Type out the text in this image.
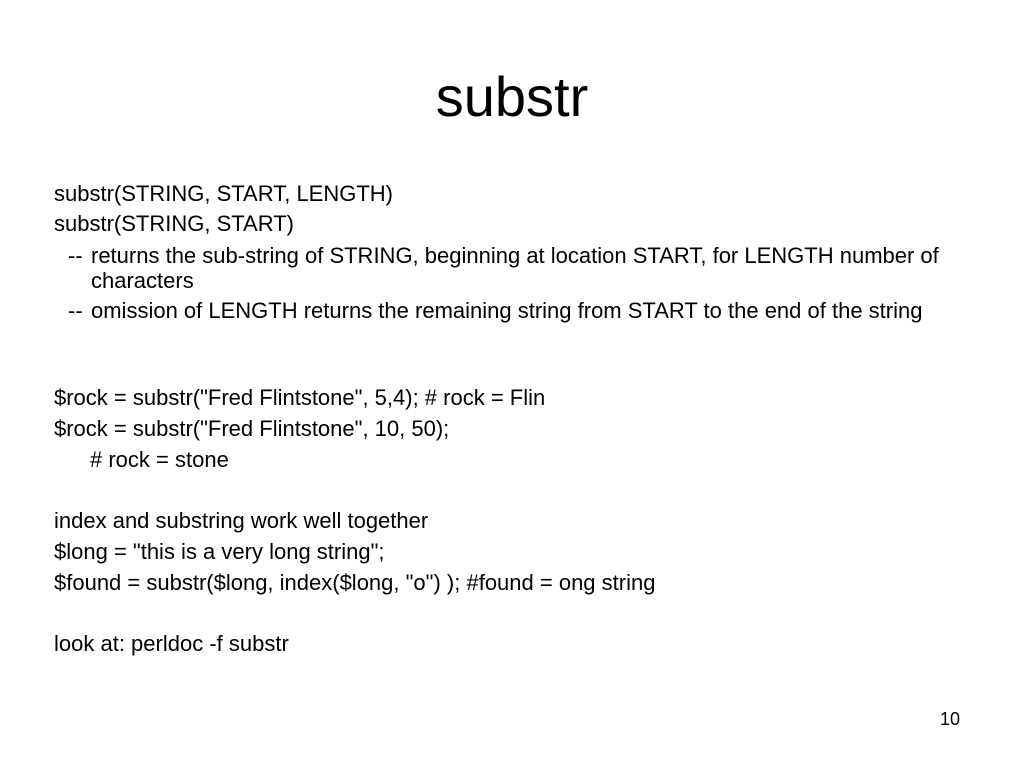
substr
substr(STRING, START, LENGTH)
substr(STRING, START)
-- returns the sub-string of STRING, beginning at location START, for LENGTH number of characters
-- omission of LENGTH returns the remaining string from START to the end of the string
$rock = substr("Fred Flintstone", 5,4); # rock = Flin
$rock = substr("Fred Flintstone", 10, 50);
# rock = stone
index and substring work well together
$long = "this is a very long string";
$found = substr($long, index($long, "o") ); #found = ong string
look at: perldoc -f substr
10
